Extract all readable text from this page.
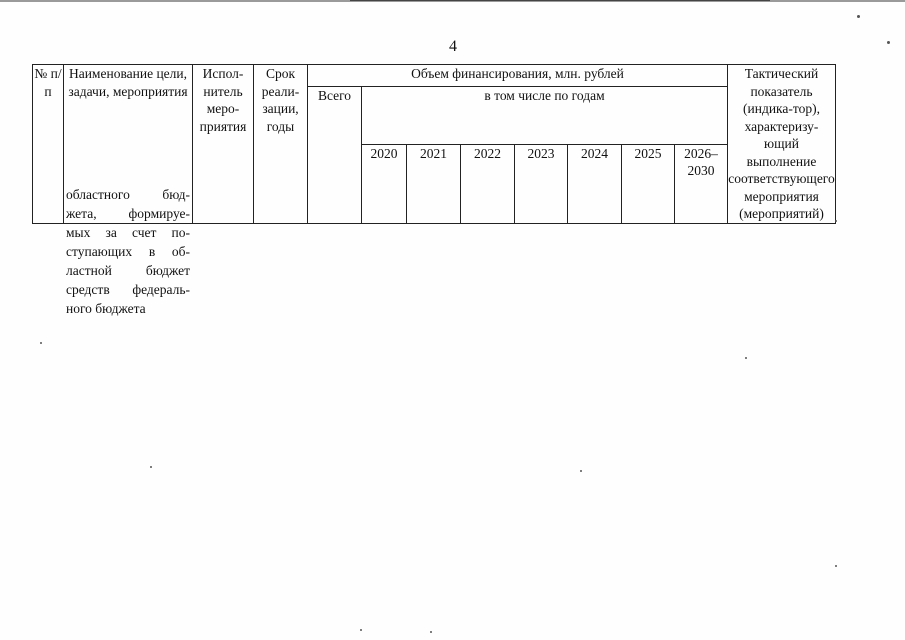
4
№ п/п	Наименование цели, задачи, мероприятия	Испол-нитель меро-приятия	Срок реали-зации, годы	Объем финансирования, млн. рублей								Тактический показатель (индика-тор), характеризу-ющий выполнение соответствующего мероприятия (мероприятий)
				Всего	в том числе по годам							
					2020	2021	2022	2023	2024	2025	2026–2030	
областного бюд-
жета, формируе-
мых за счет по-
ступающих в об-
ластной бюджет
средств федераль-
ного бюджета
